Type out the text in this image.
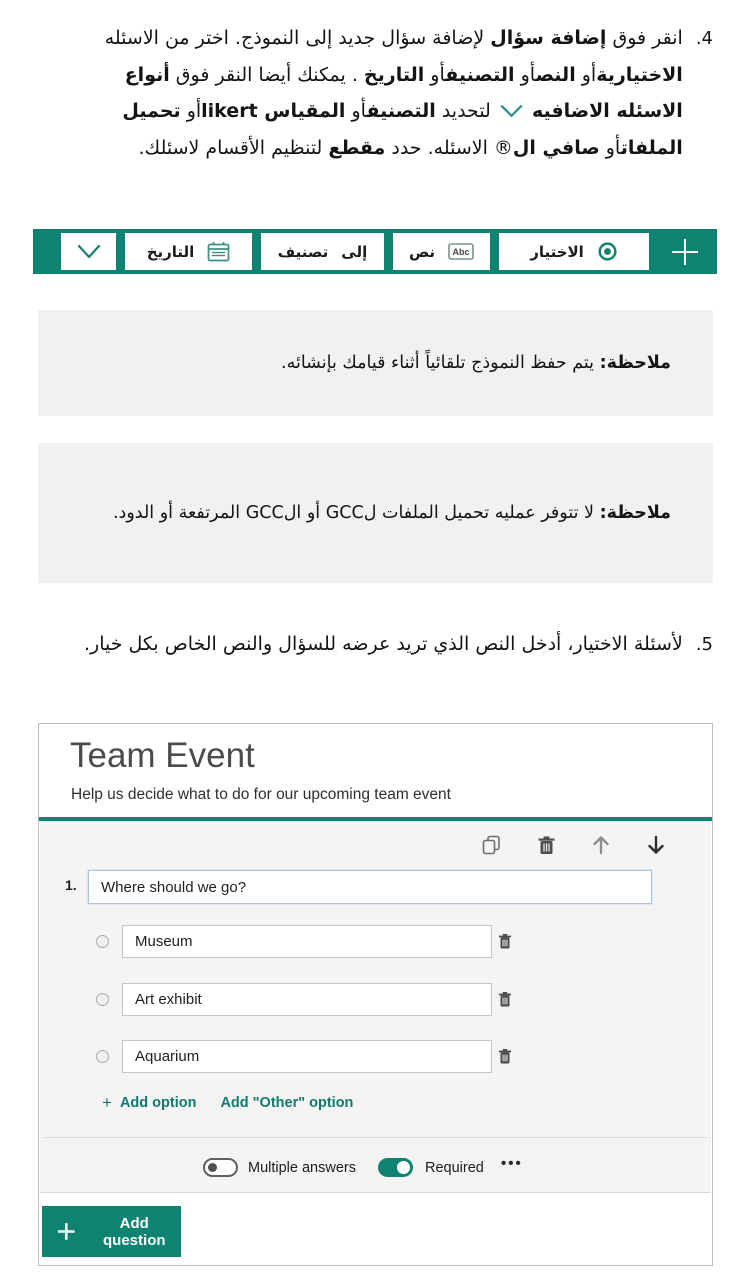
4.

انقر فوق إضافة سؤال لإضافة سؤال جديد إلى النموذج. اختر من الاسئله الاختياريةأو النصأو التصنيفأو التاريخ . يمكنك أيضا النقر فوق أنواع الاسئله الاضافيه  لتحديد التصنيفأو المقياس likertأو تحميل الملفاتأو صافي ال® الاسئله. حدد مقطع لتنظيم الأقسام لاسئلك.

الاختيار
Abc
نص
إلى
تصنيف
التاريخ

ملاحظة: يتم حفظ النموذج تلقائياً أثناء قيامك بإنشائه.

ملاحظة: لا تتوفر عمليه تحميل الملفات لGCC أو الGCC المرتفعة أو الدود.

5.

لأسئلة الاختيار، أدخل النص الذي تريد عرضه للسؤال والنص الخاص بكل خيار.

Team Event

Help us decide what to do for our upcoming team event

1.	Where should we go?
Museum
Art exhibit
Aquarium
+ Add option Add "Other" option
Multiple answers	Required •••
Add question
